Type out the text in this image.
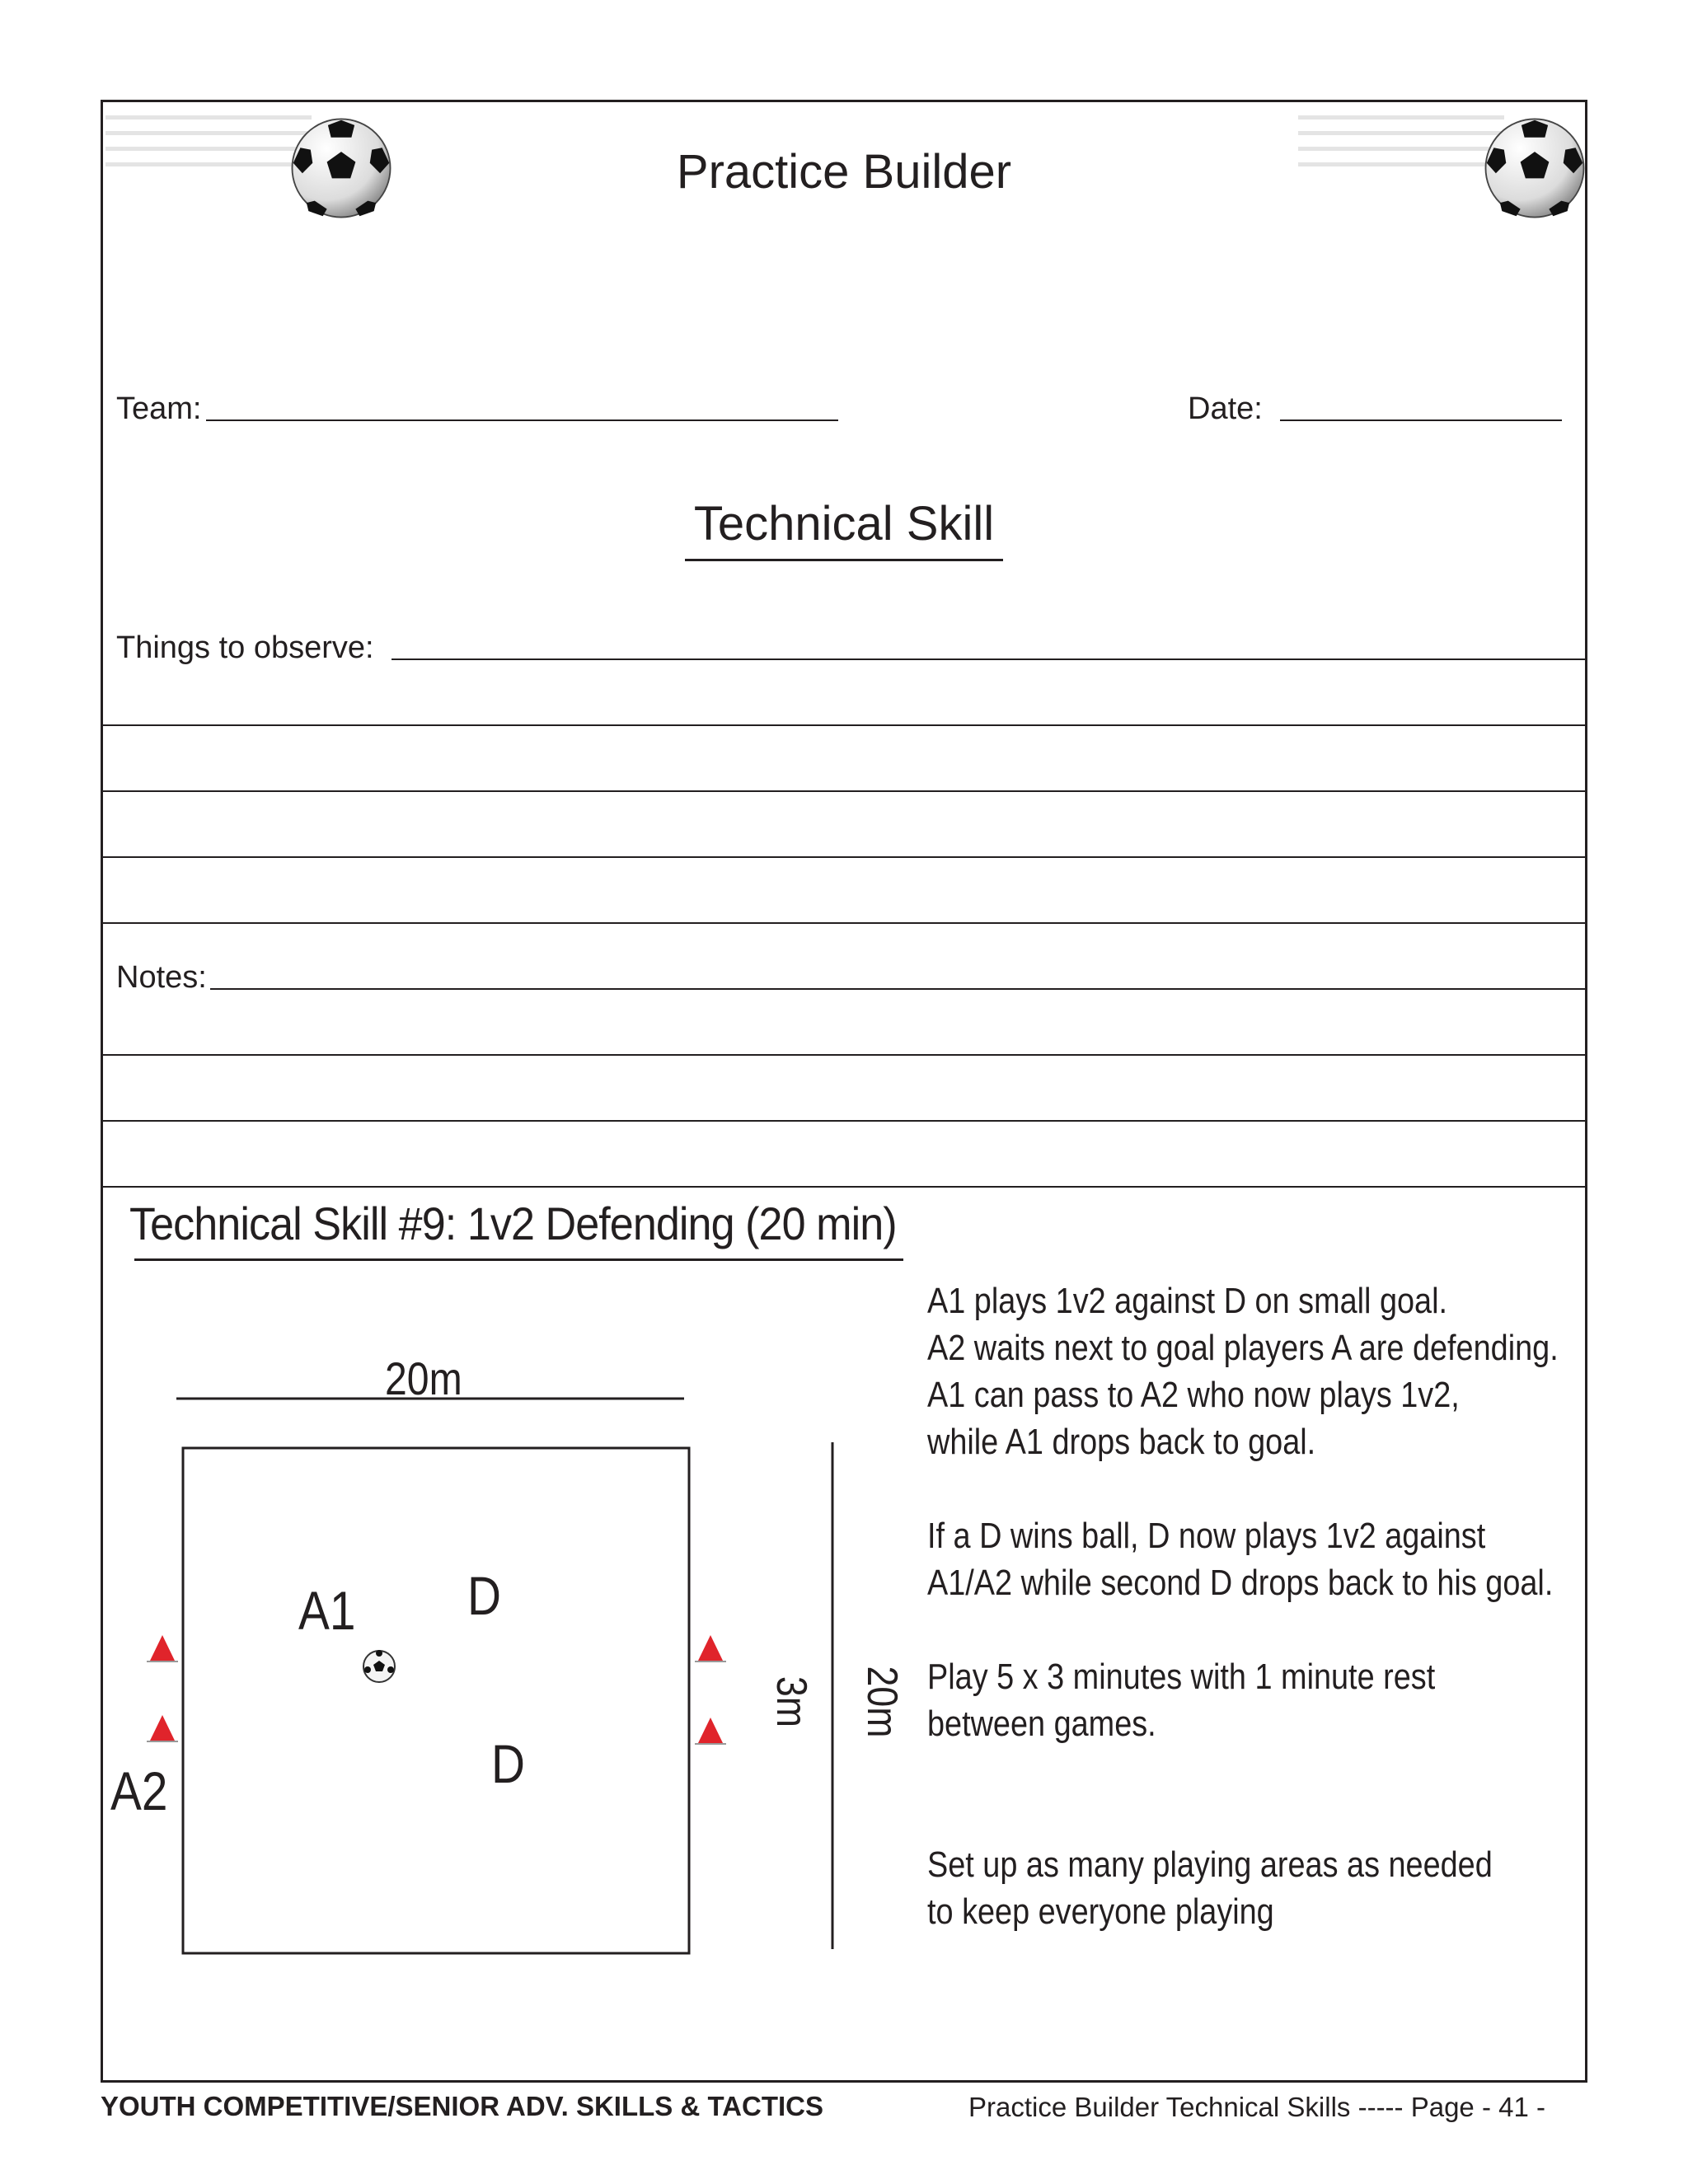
Practice Builder
Team:	Date:
Technical Skill
Things to observe:
Notes:
Technical Skill #9: 1v2 Defending (20 min)
20m
A1 D
D
A2
3m 20m

A1 plays 1v2 against D on small goal.

A2 waits next to goal players A are defending.

A1 can pass to A2 who now plays 1v2,

while A1 drops back to goal.

If a D wins ball, D now plays 1v2 against

A1/A2 while second D drops back to his goal.

Play 5 x 3 minutes with 1 minute rest

between games.

Set up as many playing areas as needed

to keep everyone playing

YOUTH COMPETITIVE/SENIOR ADV. SKILLS & TACTICS	Practice Builder Technical Skills ----- Page - 41 -
